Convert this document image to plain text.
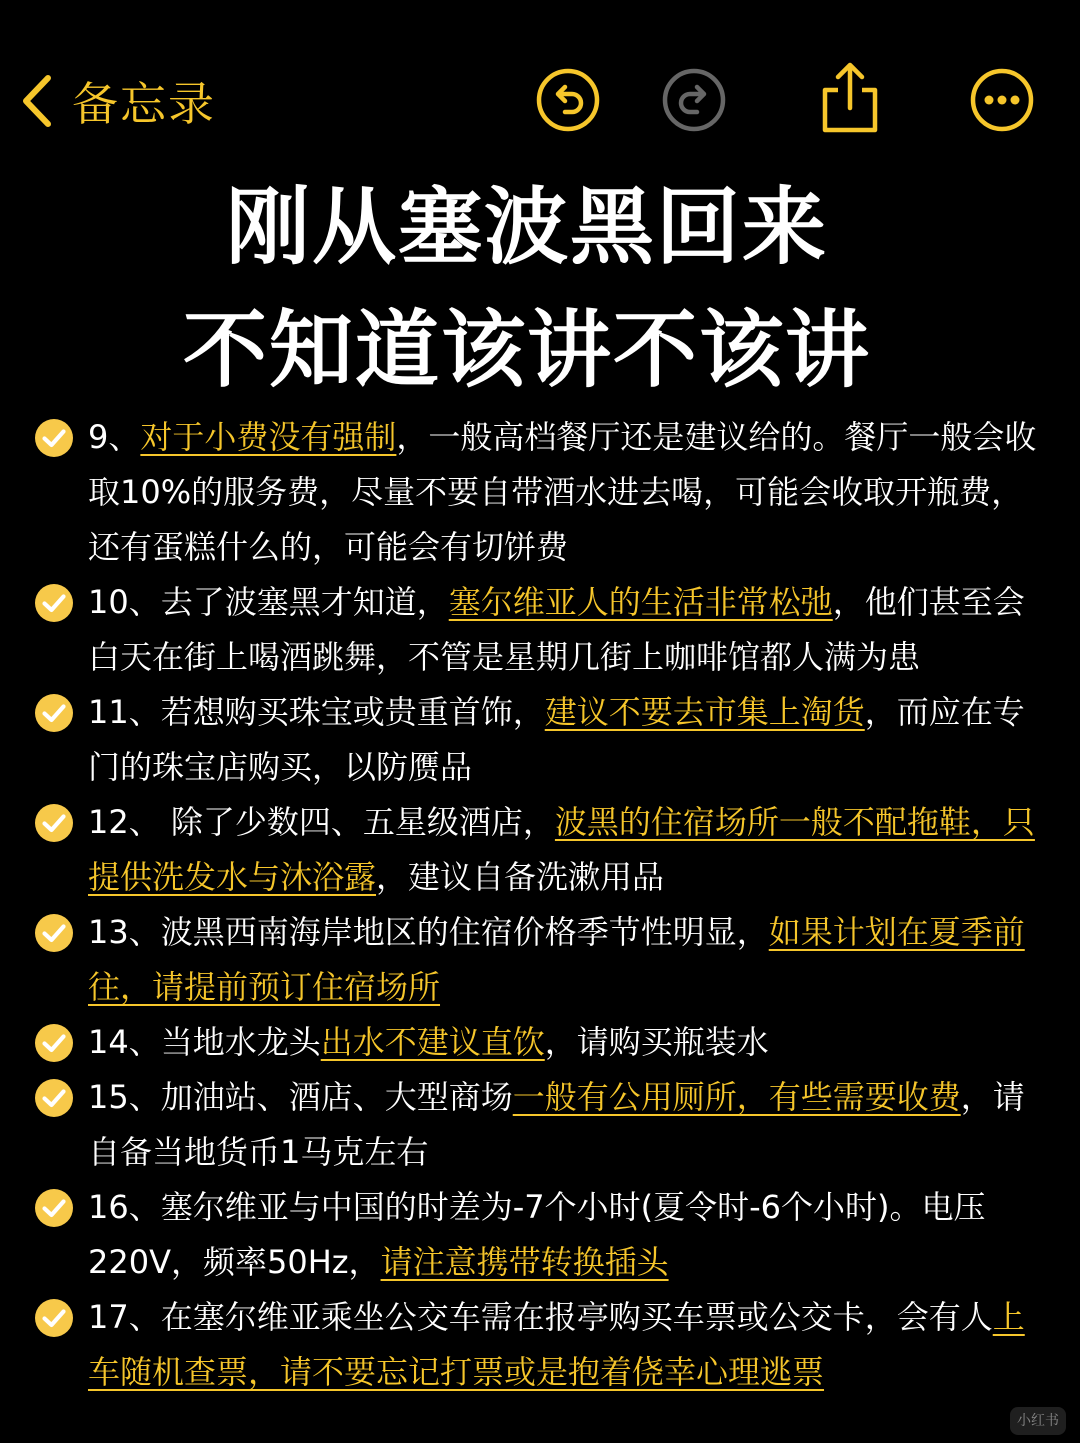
备忘录
刚从塞波黑回来
不知道该讲不该讲
9、对于小费没有强制，一般高档餐厅还是建议给的。餐厅一般会收取10%的服务费，尽量不要自带酒水进去喝，可能会收取开瓶费，还有蛋糕什么的，可能会有切饼费
10、去了波塞黑才知道，塞尔维亚人的生活非常松弛，他们甚至会白天在街上喝酒跳舞，不管是星期几街上咖啡馆都人满为患
11、若想购买珠宝或贵重首饰，建议不要去市集上淘货，而应在专门的珠宝店购买，以防赝品
12、 除了少数四、五星级酒店，波黑的住宿场所一般不配拖鞋，只提供洗发水与沐浴露，建议自备洗漱用品
13、波黑西南海岸地区的住宿价格季节性明显，如果计划在夏季前往，请提前预订住宿场所
14、当地水龙头出水不建议直饮，请购买瓶装水
15、加油站、酒店、大型商场一般有公用厕所，有些需要收费，请自备当地货币1马克左右
16、塞尔维亚与中国的时差为-7个小时(夏令时-6个小时)。电压220V，频率50Hz，请注意携带转换插头
17、在塞尔维亚乘坐公交车需在报亭购买车票或公交卡，会有人上车随机查票，请不要忘记打票或是抱着侥幸心理逃票
小红书
